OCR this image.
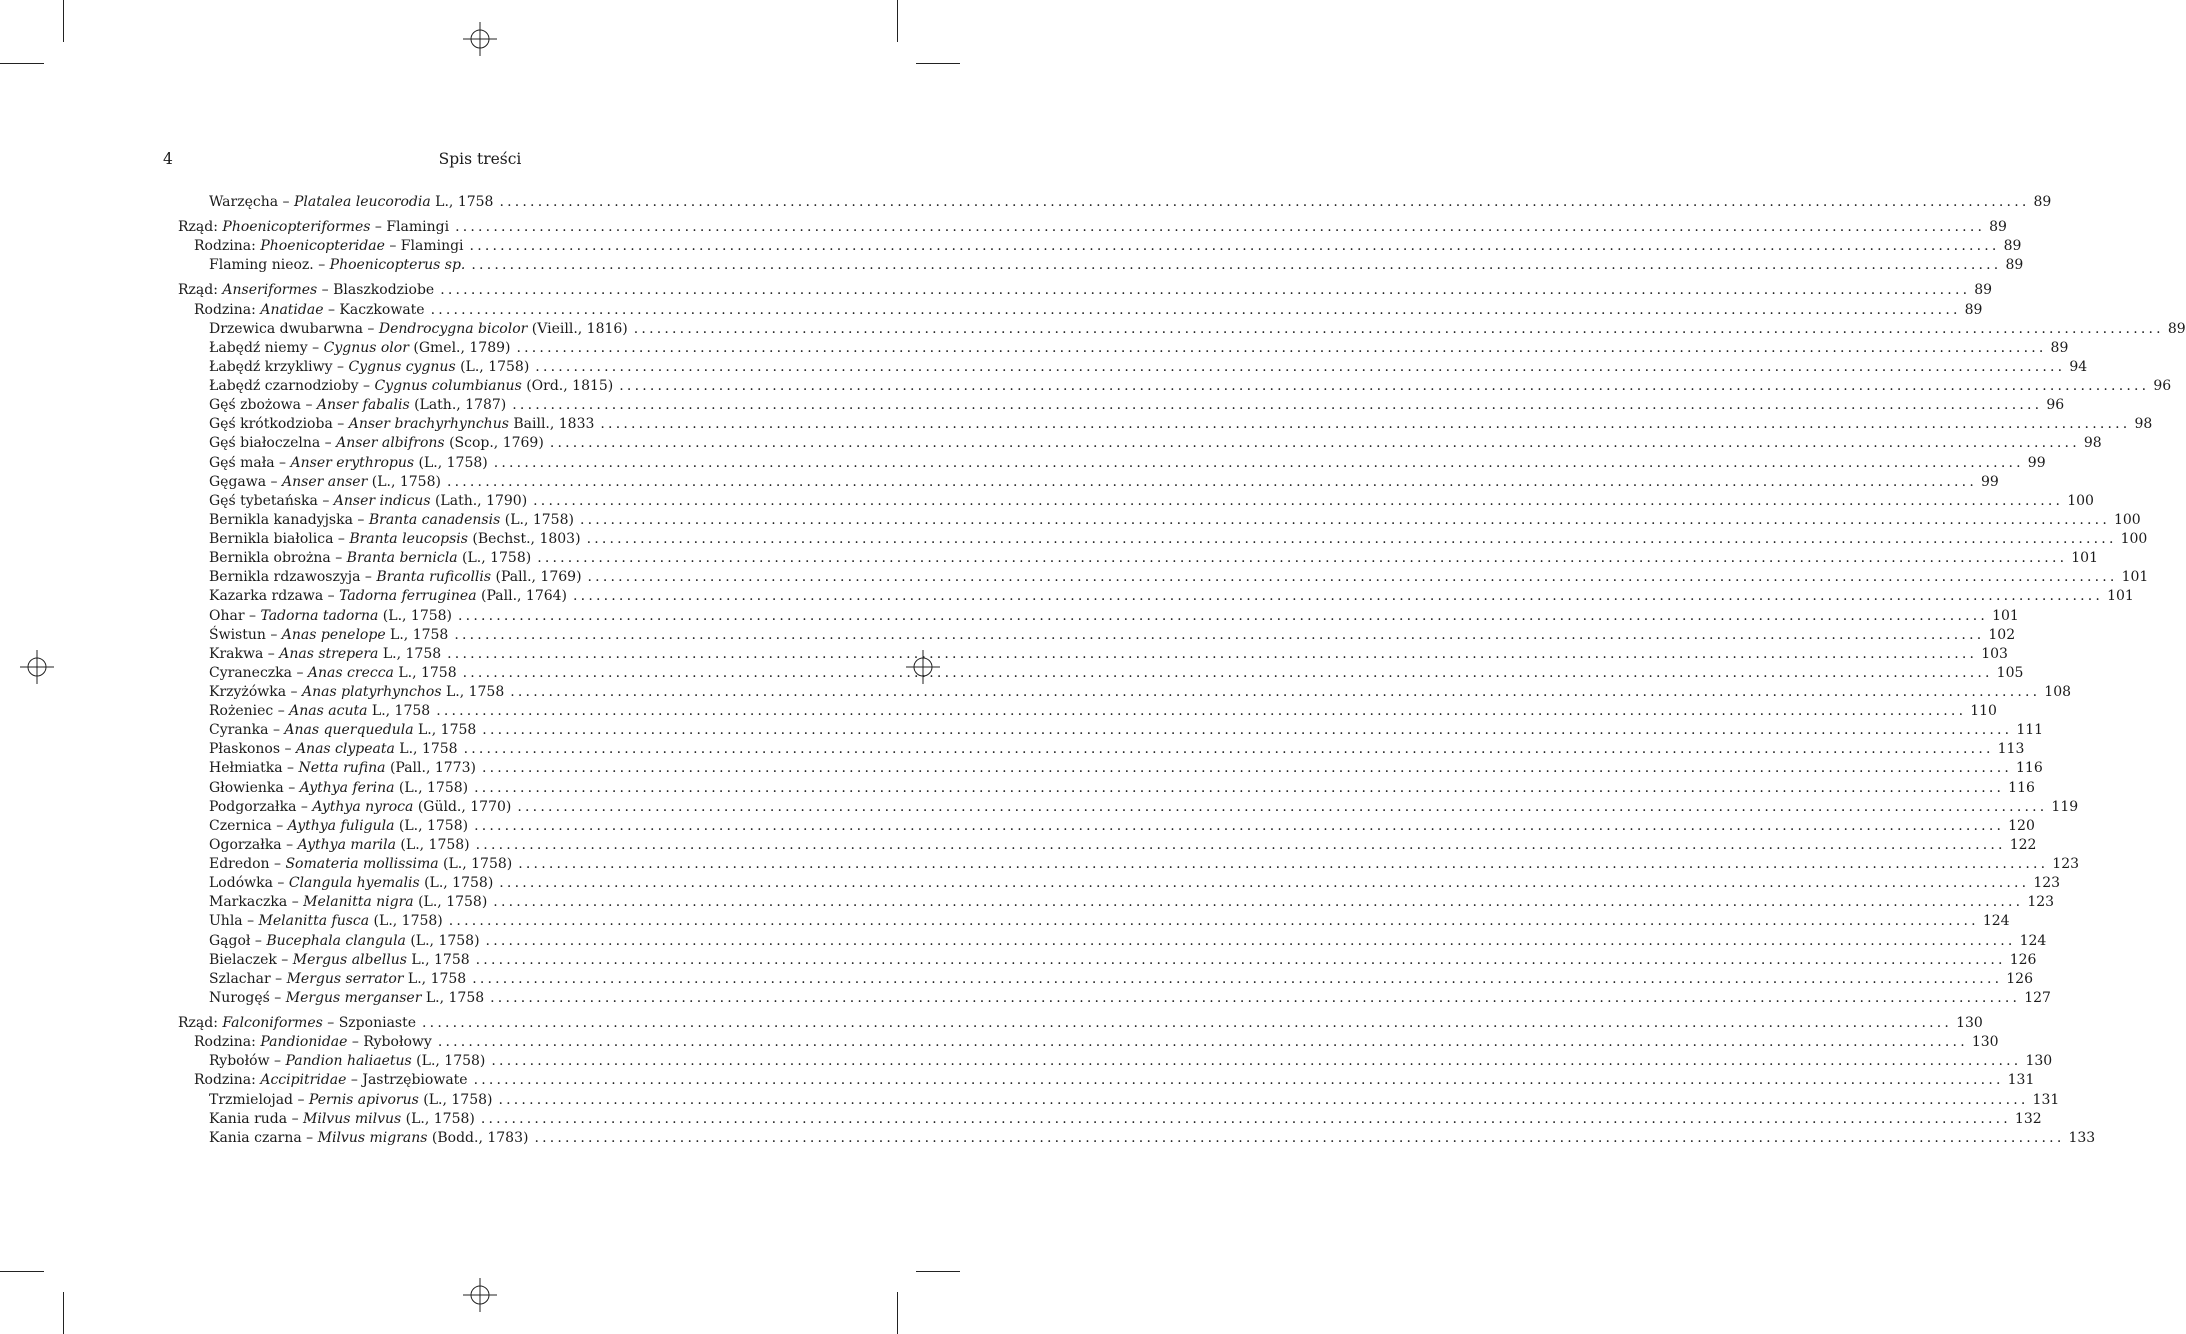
4	Spis treści
Warzęcha – Platalea leucorodia L., 1758 ........................................................................................................................................................................................................ 89
Rząd: Phoenicopteriformes – Flamingi ........................................................................................................................................................................................................ 89
Rodzina: Phoenicopteridae – Flamingi ........................................................................................................................................................................................................ 89
Flaming nieoz. – Phoenicopterus sp. ........................................................................................................................................................................................................ 89
Rząd: Anseriformes – Blaszkodziobe ........................................................................................................................................................................................................ 89
Rodzina: Anatidae – Kaczkowate ........................................................................................................................................................................................................ 89
Drzewica dwubarwna – Dendrocygna bicolor (Vieill., 1816) ........................................................................................................................................................................................................ 89
Łabędź niemy – Cygnus olor (Gmel., 1789) ........................................................................................................................................................................................................ 89
Łabędź krzykliwy – Cygnus cygnus (L., 1758) ........................................................................................................................................................................................................ 94
Łabędź czarnodzioby – Cygnus columbianus (Ord., 1815) ........................................................................................................................................................................................................ 96
Gęś zbożowa – Anser fabalis (Lath., 1787) ........................................................................................................................................................................................................ 96
Gęś krótkodzioba – Anser brachyrhynchus Baill., 1833 ........................................................................................................................................................................................................ 98
Gęś białoczelna – Anser albifrons (Scop., 1769) ........................................................................................................................................................................................................ 98
Gęś mała – Anser erythropus (L., 1758) ........................................................................................................................................................................................................ 99
Gęgawa – Anser anser (L., 1758) ........................................................................................................................................................................................................ 99
Gęś tybetańska – Anser indicus (Lath., 1790) ........................................................................................................................................................................................................ 100
Bernikla kanadyjska – Branta canadensis (L., 1758) ........................................................................................................................................................................................................ 100
Bernikla białolica – Branta leucopsis (Bechst., 1803) ........................................................................................................................................................................................................ 100
Bernikla obrożna – Branta bernicla (L., 1758) ........................................................................................................................................................................................................ 101
Bernikla rdzawoszyja – Branta ruficollis (Pall., 1769) ........................................................................................................................................................................................................ 101
Kazarka rdzawa – Tadorna ferruginea (Pall., 1764) ........................................................................................................................................................................................................ 101
Ohar – Tadorna tadorna (L., 1758) ........................................................................................................................................................................................................ 101
Świstun – Anas penelope L., 1758 ........................................................................................................................................................................................................ 102
Krakwa – Anas strepera L., 1758 ........................................................................................................................................................................................................ 103
Cyraneczka – Anas crecca L., 1758 ........................................................................................................................................................................................................ 105
Krzyżówka – Anas platyrhynchos L., 1758 ........................................................................................................................................................................................................ 108
Rożeniec – Anas acuta L., 1758 ........................................................................................................................................................................................................ 110
Cyranka – Anas querquedula L., 1758 ........................................................................................................................................................................................................ 111
Płaskonos – Anas clypeata L., 1758 ........................................................................................................................................................................................................ 113
Hełmiatka – Netta rufina (Pall., 1773) ........................................................................................................................................................................................................ 116
Głowienka – Aythya ferina (L., 1758) ........................................................................................................................................................................................................ 116
Podgorzałka – Aythya nyroca (Güld., 1770) ........................................................................................................................................................................................................ 119
Czernica – Aythya fuligula (L., 1758) ........................................................................................................................................................................................................ 120
Ogorzałka – Aythya marila (L., 1758) ........................................................................................................................................................................................................ 122
Edredon – Somateria mollissima (L., 1758) ........................................................................................................................................................................................................ 123
Lodówka – Clangula hyemalis (L., 1758) ........................................................................................................................................................................................................ 123
Markaczka – Melanitta nigra (L., 1758) ........................................................................................................................................................................................................ 123
Uhla – Melanitta fusca (L., 1758) ........................................................................................................................................................................................................ 124
Gągoł – Bucephala clangula (L., 1758) ........................................................................................................................................................................................................ 124
Bielaczek – Mergus albellus L., 1758 ........................................................................................................................................................................................................ 126
Szlachar – Mergus serrator L., 1758 ........................................................................................................................................................................................................ 126
Nurogęś – Mergus merganser L., 1758 ........................................................................................................................................................................................................ 127
Rząd: Falconiformes – Szponiaste ........................................................................................................................................................................................................ 130
Rodzina: Pandionidae – Rybołowy ........................................................................................................................................................................................................ 130
Rybołów – Pandion haliaetus (L., 1758) ........................................................................................................................................................................................................ 130
Rodzina: Accipitridae – Jastrzębiowate ........................................................................................................................................................................................................ 131
Trzmielojad – Pernis apivorus (L., 1758) ........................................................................................................................................................................................................ 131
Kania ruda – Milvus milvus (L., 1758) ........................................................................................................................................................................................................ 132
Kania czarna – Milvus migrans (Bodd., 1783) ........................................................................................................................................................................................................ 133
